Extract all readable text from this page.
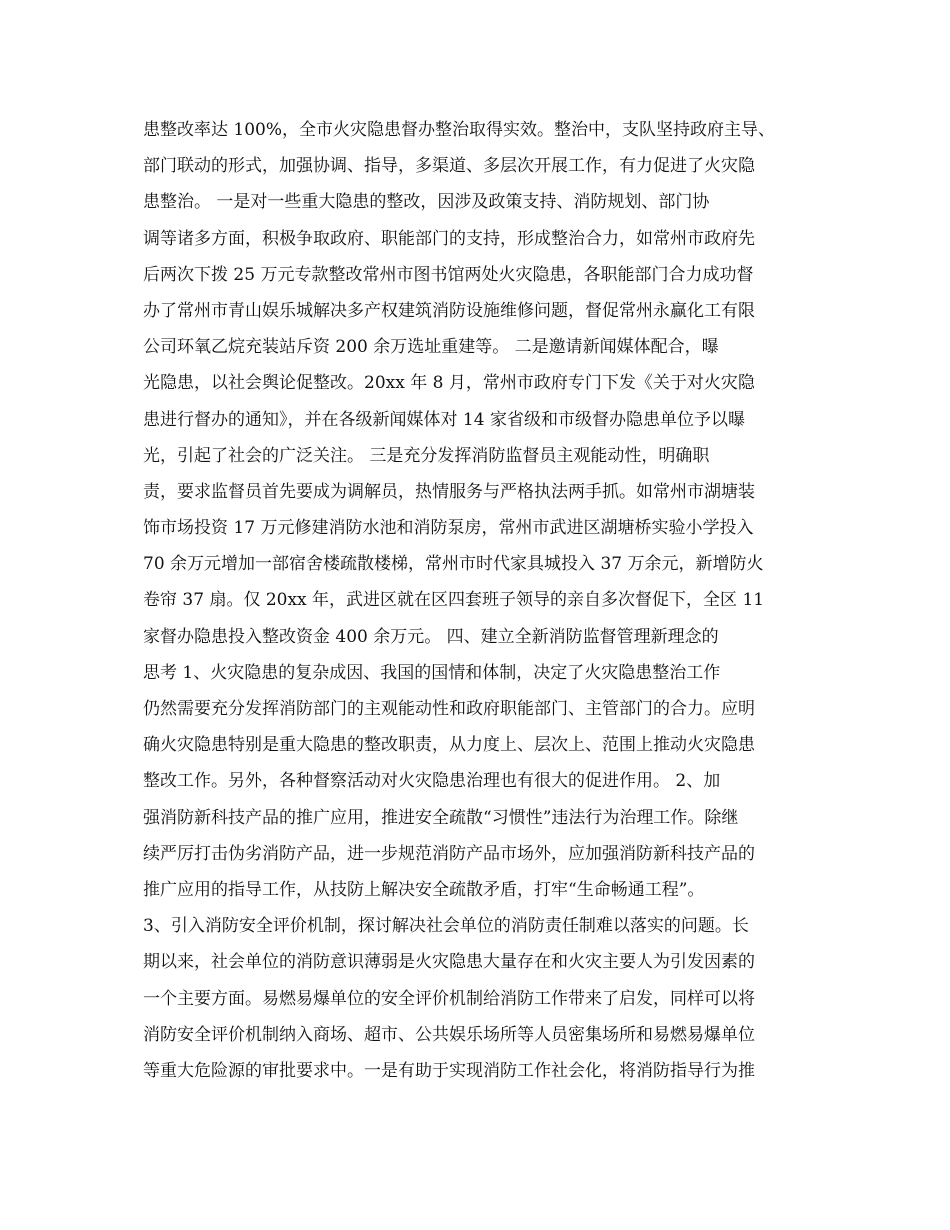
患整改率达 100%，全市火灾隐患督办整治取得实效。整治中，支队坚持政府主导、
部门联动的形式，加强协调、指导，多渠道、多层次开展工作，有力促进了火灾隐
患整治。 一是对一些重大隐患的整改，因涉及政策支持、消防规划、部门协
调等诸多方面，积极争取政府、职能部门的支持，形成整治合力，如常州市政府先
后两次下拨 25 万元专款整改常州市图书馆两处火灾隐患，各职能部门合力成功督
办了常州市青山娱乐城解决多产权建筑消防设施维修问题，督促常州永赢化工有限
公司环氧乙烷充装站斥资 200 余万选址重建等。 二是邀请新闻媒体配合，曝
光隐患，以社会舆论促整改。20xx 年 8 月，常州市政府专门下发《关于对火灾隐
患进行督办的通知》，并在各级新闻媒体对 14 家省级和市级督办隐患单位予以曝
光，引起了社会的广泛关注。 三是充分发挥消防监督员主观能动性，明确职
责，要求监督员首先要成为调解员，热情服务与严格执法两手抓。如常州市湖塘装
饰市场投资 17 万元修建消防水池和消防泵房，常州市武进区湖塘桥实验小学投入
70 余万元增加一部宿舍楼疏散楼梯，常州市时代家具城投入 37 万余元，新增防火
卷帘 37 扇。仅 20xx 年，武进区就在区四套班子领导的亲自多次督促下，全区 11
家督办隐患投入整改资金 400 余万元。 四、建立全新消防监督管理新理念的
思考 1、火灾隐患的复杂成因、我国的国情和体制，决定了火灾隐患整治工作
仍然需要充分发挥消防部门的主观能动性和政府职能部门、主管部门的合力。应明
确火灾隐患特别是重大隐患的整改职责，从力度上、层次上、范围上推动火灾隐患
整改工作。另外，各种督察活动对火灾隐患治理也有很大的促进作用。 2、加
强消防新科技产品的推广应用，推进安全疏散“习惯性”违法行为治理工作。除继
续严厉打击伪劣消防产品，进一步规范消防产品市场外，应加强消防新科技产品的
推广应用的指导工作，从技防上解决安全疏散矛盾，打牢“生命畅通工程”。
3、引入消防安全评价机制，探讨解决社会单位的消防责任制难以落实的问题。长
期以来，社会单位的消防意识薄弱是火灾隐患大量存在和火灾主要人为引发因素的
一个主要方面。易燃易爆单位的安全评价机制给消防工作带来了启发，同样可以将
消防安全评价机制纳入商场、超市、公共娱乐场所等人员密集场所和易燃易爆单位
等重大危险源的审批要求中。一是有助于实现消防工作社会化，将消防指导行为推
